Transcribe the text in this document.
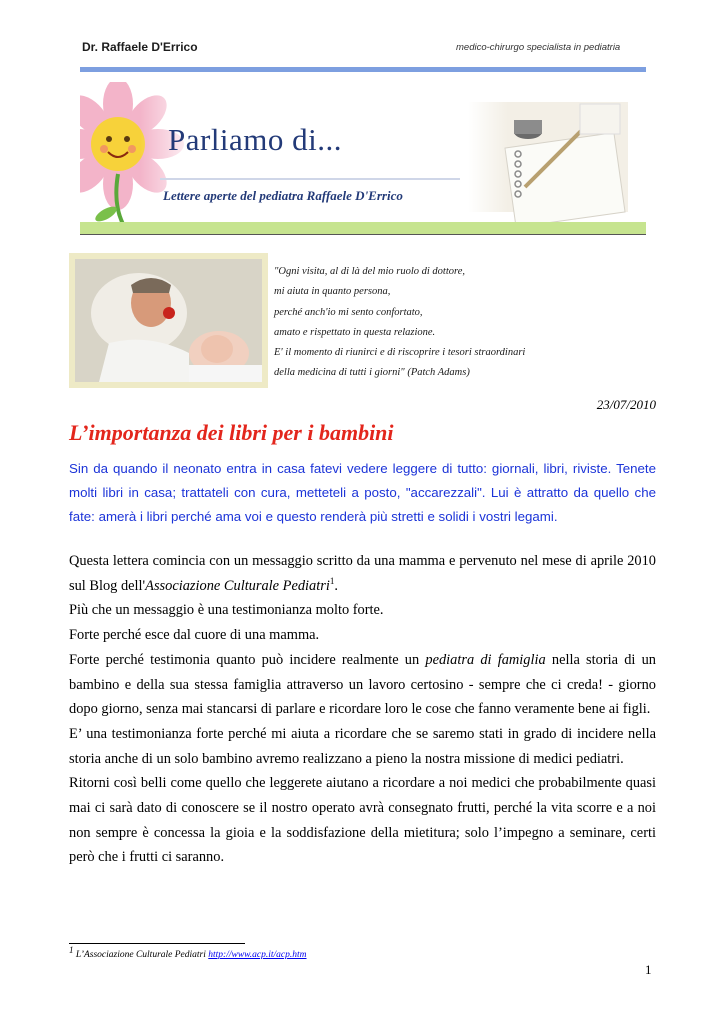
Dr. Raffaele D'Errico	medico-chirurgo specialista in pediatria
Parliamo di...
Lettere aperte del pediatra Raffaele D'Errico
"Ogni visita, al di là del mio ruolo di dottore,
mi aiuta in quanto persona,
perché anch'io mi sento confortato,
amato e rispettato in questa relazione.
E' il momento di riunirci e di riscoprire i tesori straordinari
della medicina di tutti i giorni" (Patch Adams)
23/07/2010
L’importanza dei libri per i bambini
Sin da quando il neonato entra in casa fatevi vedere leggere di tutto: giornali, libri, riviste. Tenete molti libri in casa; trattateli con cura, metteteli a posto, "accarezzali". Lui è attratto da quello che fate: amerà i libri perché ama voi e questo renderà più stretti e solidi i vostri legami.

Questa lettera comincia con un messaggio scritto da una mamma e pervenuto nel mese di aprile 2010 sul Blog dell'Associazione Culturale Pediatri$^1$.

Più che un messaggio è una testimonianza molto forte.

Forte perché esce dal cuore di una mamma.

Forte perché testimonia quanto può incidere realmente un pediatra di famiglia nella storia di un bambino e della sua stessa famiglia attraverso un lavoro certosino - sempre che ci creda! - giorno dopo giorno, senza mai stancarsi di parlare e ricordare loro le cose che fanno veramente bene ai figli.

E’ una testimonianza forte perché mi aiuta a ricordare che se saremo stati in grado di incidere nella storia anche di un solo bambino avremo realizzano a pieno la nostra missione di medici pediatri.

Ritorni così belli come quello che leggerete aiutano a ricordare a noi medici che probabilmente quasi mai ci sarà dato di conoscere se il nostro operato avrà consegnato frutti, perché la vita scorre e a noi non sempre è concessa la gioia e la soddisfazione della mietitura; solo l’impegno a seminare, certi però che i frutti ci saranno.

$^1$ L’Associazione Culturale Pediatri http://www.acp.it/acp.htm
1
